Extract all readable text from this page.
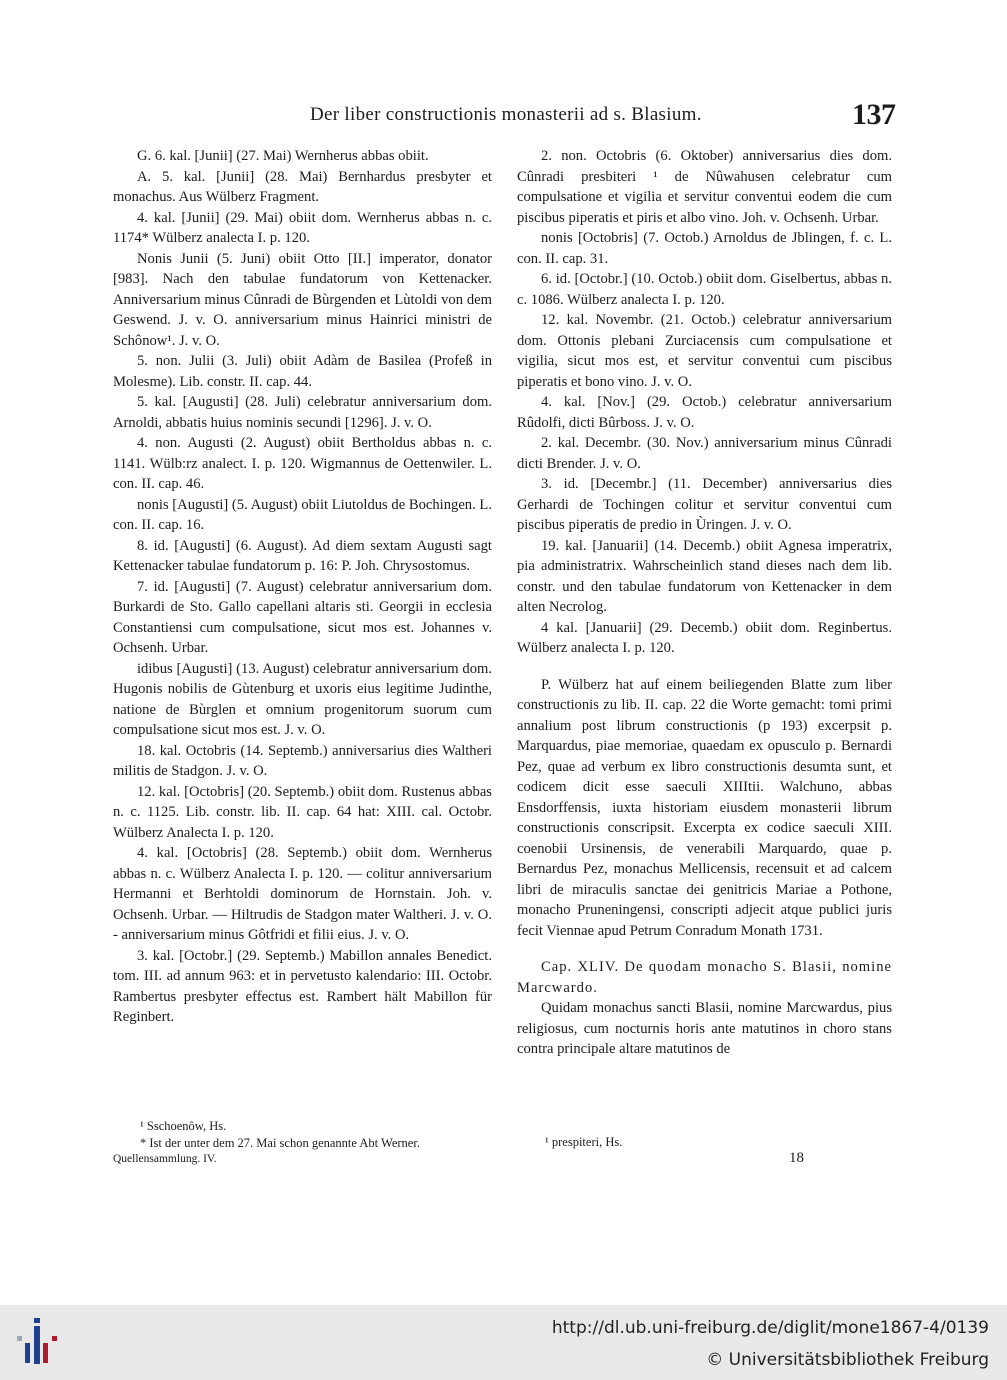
Der liber constructionis monasterii ad s. Blasium.	137

G. 6. kal. [Junii] (27. Mai) Wernherus abbas obiit.

A. 5. kal. [Junii] (28. Mai) Bernhardus presbyter et monachus. Aus Wülberz Fragment.

4. kal. [Junii] (29. Mai) obiit dom. Wernherus abbas n. c. 1174* Wülberz analecta I. p. 120.

Nonis Junii (5. Juni) obiit Otto [II.] imperator, donator [983]. Nach den tabulae fundatorum von Kettenacker. Anniversarium minus Cûnradi de Bùrgenden et Lùtoldi von dem Geswend. J. v. O. anniversarium minus Hainrici ministri de Schônow¹. J. v. O.

5. non. Julii (3. Juli) obiit Adàm de Basilea (Profeß in Molesme). Lib. constr. II. cap. 44.

5. kal. [Augusti] (28. Juli) celebratur anniversarium dom. Arnoldi, abbatis huius nominis secundi [1296]. J. v. O.

4. non. Augusti (2. August) obiit Bertholdus abbas n. c. 1141. Wülb:rz analect. I. p. 120. Wigmannus de Oettenwiler. L. con. II. cap. 46.

nonis [Augusti] (5. August) obiit Liutoldus de Bochingen. L. con. II. cap. 16.

8. id. [Augusti] (6. August). Ad diem sextam Augusti sagt Kettenacker tabulae fundatorum p. 16: P. Joh. Chrysostomus.

7. id. [Augusti] (7. August) celebratur anniversarium dom. Burkardi de Sto. Gallo capellani altaris sti. Georgii in ecclesia Constantiensi cum compulsatione, sicut mos est. Johannes v. Ochsenh. Urbar.

idibus [Augusti] (13. August) celebratur anniversarium dom. Hugonis nobilis de Gùtenburg et uxoris eius legitime Judinthe, natione de Bùrglen et omnium progenitorum suorum cum compulsatione sicut mos est. J. v. O.

18. kal. Octobris (14. Septemb.) anniversarius dies Waltheri militis de Stadgon. J. v. O.

12. kal. [Octobris] (20. Septemb.) obiit dom. Rustenus abbas n. c. 1125. Lib. constr. lib. II. cap. 64 hat: XIII. cal. Octobr. Wülberz Analecta I. p. 120.

4. kal. [Octobris] (28. Septemb.) obiit dom. Wernherus abbas n. c. Wülberz Analecta I. p. 120. — colitur anniversarium Hermanni et Berhtoldi dominorum de Hornstain. Joh. v. Ochsenh. Urbar. — Hiltrudis de Stadgon mater Waltheri. J. v. O. - anniversarium minus Gôtfridi et filii eius. J. v. O.

3. kal. [Octobr.] (29. Septemb.) Mabillon annales Benedict. tom. III. ad annum 963: et in pervetusto kalendario: III. Octobr. Rambertus presbyter effectus est. Rambert hält Mabillon für Reginbert.

¹ Sschoenôw, Hs.
* Ist der unter dem 27. Mai schon genannte Abt Werner.
Quellensammlung. IV.

2. non. Octobris (6. Oktober) anniversarius dies dom. Cûnradi presbiteri ¹ de Nûwahusen celebratur cum compulsatione et vigilia et servitur conventui eodem die cum piscibus piperatis et piris et albo vino. Joh. v. Ochsenh. Urbar.

nonis [Octobris] (7. Octob.) Arnoldus de Jblingen, f. c. L. con. II. cap. 31.

6. id. [Octobr.] (10. Octob.) obiit dom. Giselbertus, abbas n. c. 1086. Wülberz analecta I. p. 120.

12. kal. Novembr. (21. Octob.) celebratur anniversarium dom. Ottonis plebani Zurciacensis cum compulsatione et vigilia, sicut mos est, et servitur conventui cum piscibus piperatis et bono vino. J. v. O.

4. kal. [Nov.] (29. Octob.) celebratur anniversarium Rûdolfi, dicti Bûrboss. J. v. O.

2. kal. Decembr. (30. Nov.) anniversarium minus Cûnradi dicti Brender. J. v. O.

3. id. [Decembr.] (11. December) anniversarius dies Gerhardi de Tochingen colitur et servitur conventui cum piscibus piperatis de predio in Ùringen. J. v. O.

19. kal. [Januarii] (14. Decemb.) obiit Agnesa imperatrix, pia administratrix. Wahrscheinlich stand dieses nach dem lib. constr. und den tabulae fundatorum von Kettenacker in dem alten Necrolog.

4 kal. [Januarii] (29. Decemb.) obiit dom. Reginbertus. Wülberz analecta I. p. 120.

P. Wülberz hat auf einem beiliegenden Blatte zum liber constructionis zu lib. II. cap. 22 die Worte gemacht: tomi primi annalium post librum constructionis (p 193) excerpsit p. Marquardus, piae memoriae, quaedam ex opusculo p. Bernardi Pez, quae ad verbum ex libro constructionis desumta sunt, et codicem dicit esse saeculi XIIItii. Walchuno, abbas Ensdorffensis, iuxta historiam eiusdem monasterii librum constructionis conscripsit. Excerpta ex codice saeculi XIII. coenobii Ursinensis, de venerabili Marquardo, quae p. Bernardus Pez, monachus Mellicensis, recensuit et ad calcem libri de miraculis sanctae dei genitricis Mariae a Pothone, monacho Pruneningensi, conscripti adjecit atque publici juris fecit Viennae apud Petrum Conradum Monath 1731.

Cap. XLIV. De quodam monacho S. Blasii, nomine Marcwardo.

Quidam monachus sancti Blasii, nomine Marcwardus, pius religiosus, cum nocturnis horis ante matutinos in choro stans contra principale altare matutinos de

¹ prespiteri, Hs.
18
http://dl.ub.uni-freiburg.de/diglit/mone1867-4/0139
© Universitätsbibliothek Freiburg
